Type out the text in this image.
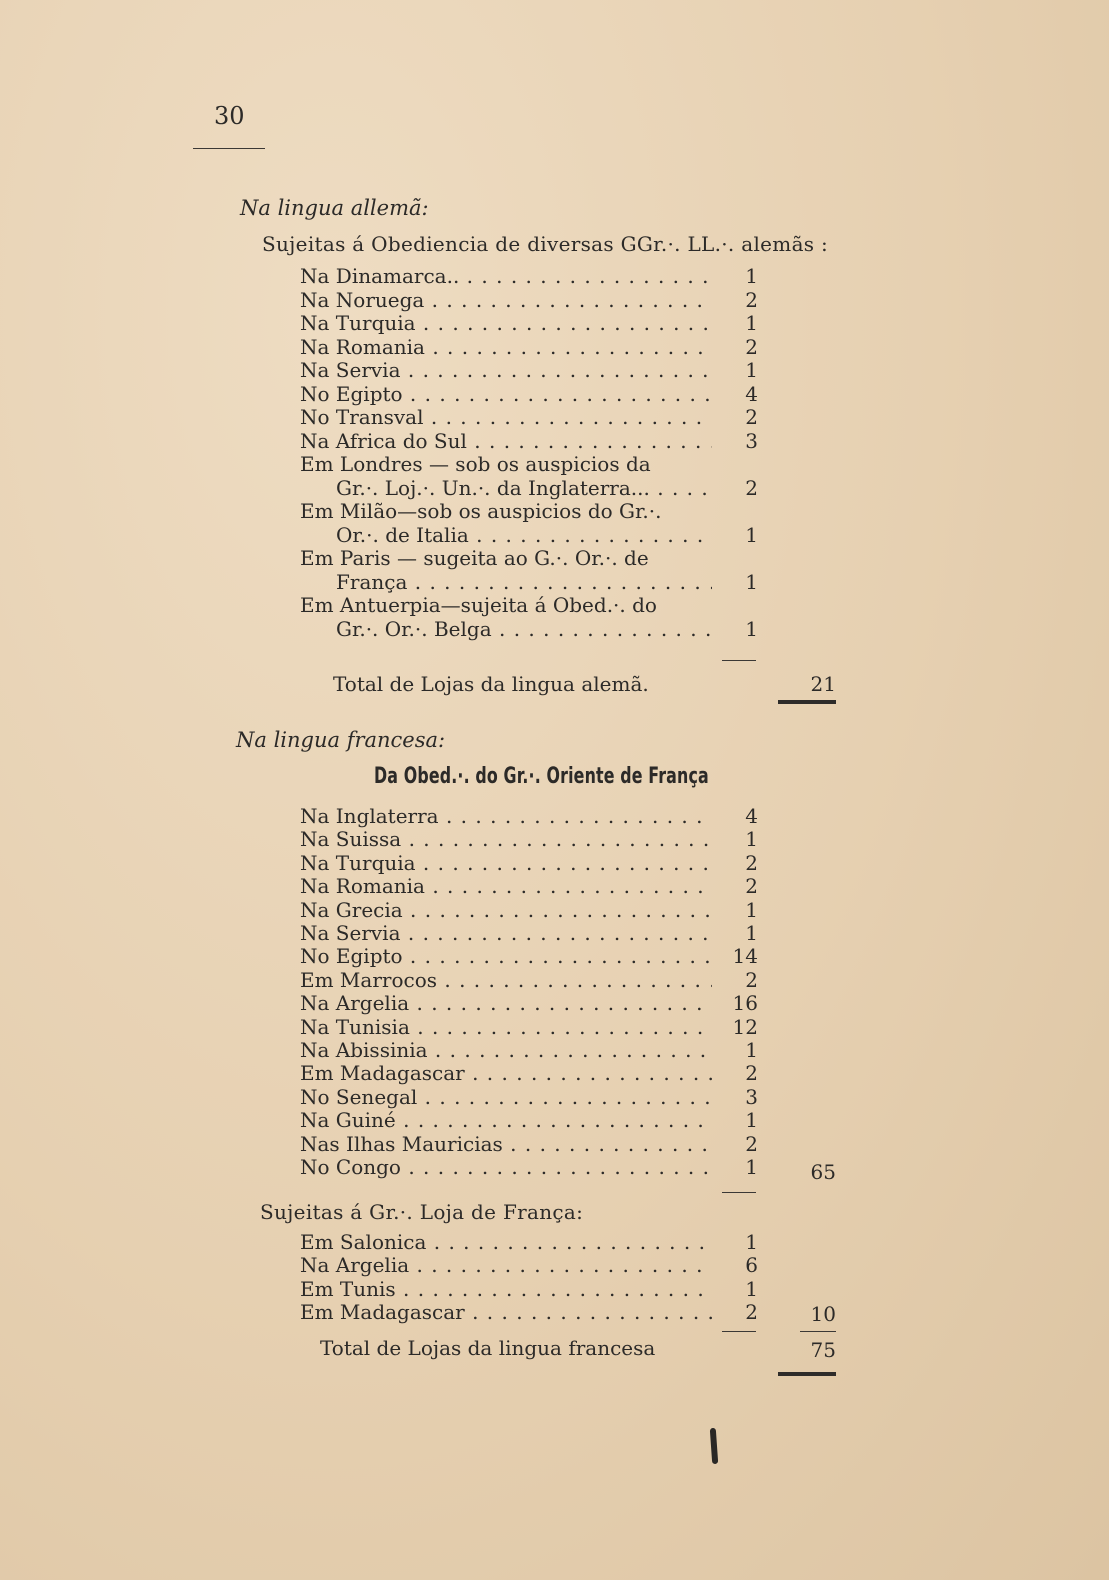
30
Na lingua allemã:
Sujeitas á Obediencia de diversas GGr.·. LL.·. alemãs :
Na Dinamarca.. . . .	1
Na Noruega . . .	2
Na Turquia . . .	1
Na Romania . . .	2
Na Servia . . .	1
No Egipto . . .	4
No Transval . . .	2
Na Africa do Sul . . .	3
Em Londres — sob os auspicios da
Gr.·. Loj.·. Un.·. da Inglaterra... . . .	2
Em Milão—sob os auspicios do Gr.·.
Or.·. de Italia . . .	1
Em Paris — sugeita ao G.·. Or.·. de
França . . .	1
Em Antuerpia—sujeita á Obed.·. do
Gr.·. Or.·. Belga . . .	1
Total de Lojas da lingua alemã.	21
Na lingua francesa:
Da Obed.·. do Gr.·. Oriente de França
Na Inglaterra . . .	4
Na Suissa . . .	1
Na Turquia . . .	2
Na Romania . . .	2
Na Grecia . . .	1
Na Servia . . .	1
No Egipto . . .	14
Em Marrocos . . .	2
Na Argelia . . .	16
Na Tunisia . . .	12
Na Abissinia . . .	1
Em Madagascar . . .	2
No Senegal . . .	3
Na Guiné . . .	1
Nas Ilhas Mauricias . . .	2
No Congo . . .	1	65
Sujeitas á Gr.·. Loja de França:
Em Salonica . . .	1
Na Argelia . . .	6
Em Tunis . . .	1
Em Madagascar . . .	2	10
Total de Lojas da lingua francesa	75
